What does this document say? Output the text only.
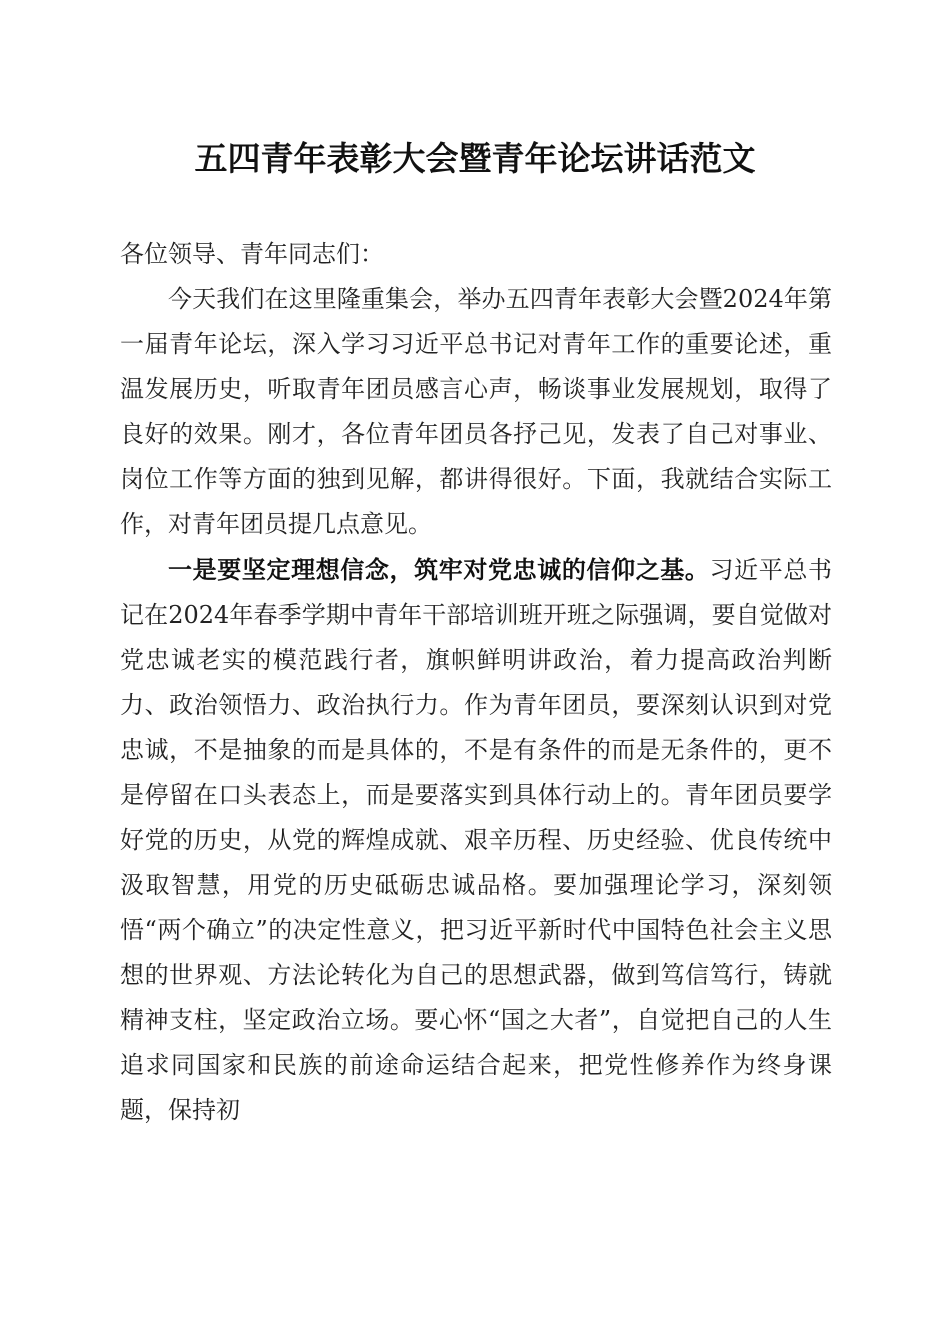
五四青年表彰大会暨青年论坛讲话范文

各位领导、青年同志们：

今天我们在这里隆重集会，举办五四青年表彰大会暨2024年第一届青年论坛，深入学习习近平总书记对青年工作的重要论述，重温发展历史，听取青年团员感言心声，畅谈事业发展规划，取得了良好的效果。刚才，各位青年团员各抒己见，发表了自己对事业、岗位工作等方面的独到见解，都讲得很好。下面，我就结合实际工作，对青年团员提几点意见。

一是要坚定理想信念，筑牢对党忠诚的信仰之基。习近平总书记在2024年春季学期中青年干部培训班开班之际强调，要自觉做对党忠诚老实的模范践行者，旗帜鲜明讲政治，着力提高政治判断力、政治领悟力、政治执行力。作为青年团员，要深刻认识到对党忠诚，不是抽象的而是具体的，不是有条件的而是无条件的，更不是停留在口头表态上，而是要落实到具体行动上的。青年团员要学好党的历史，从党的辉煌成就、艰辛历程、历史经验、优良传统中汲取智慧，用党的历史砥砺忠诚品格。要加强理论学习，深刻领悟“两个确立”的决定性意义，把习近平新时代中国特色社会主义思想的世界观、方法论转化为自己的思想武器，做到笃信笃行，铸就精神支柱，坚定政治立场。要心怀“国之大者”，自觉把自己的人生追求同国家和民族的前途命运结合起来，把党性修养作为终身课题，保持初
